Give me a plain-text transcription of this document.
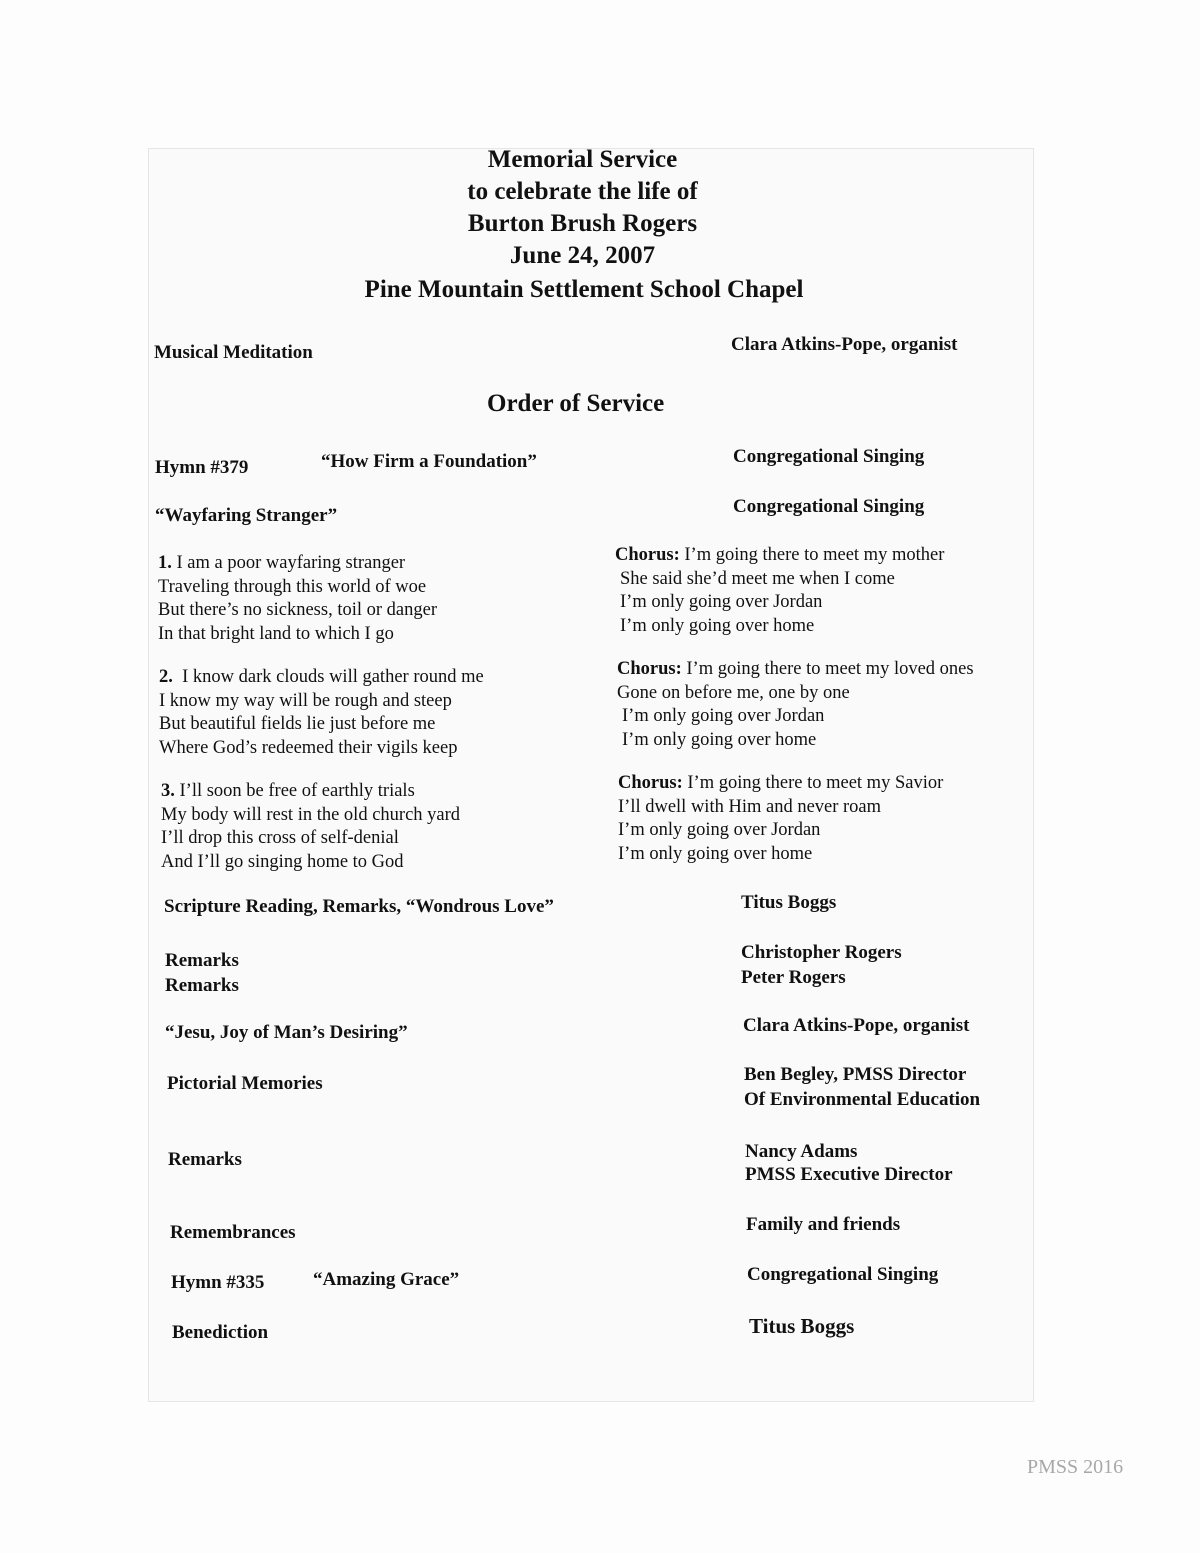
Memorial Service
to celebrate the life of
Burton Brush Rogers
June 24, 2007
Pine Mountain Settlement School Chapel
Musical Meditation	Clara Atkins-Pope, organist
Order of Service
Hymn #379	“How Firm a Foundation”	Congregational Singing
“Wayfaring Stranger”	Congregational Singing
1. I am a poor wayfaring stranger
Traveling through this world of woe
But there’s no sickness, toil or danger
In that bright land to which I go
2. I know dark clouds will gather round me
I know my way will be rough and steep
But beautiful fields lie just before me
Where God’s redeemed their vigils keep
3. I’ll soon be free of earthly trials
My body will rest in the old church yard
I’ll drop this cross of self-denial
And I’ll go singing home to God
Chorus: I’m going there to meet my mother
She said she’d meet me when I come
I’m only going over Jordan
I’m only going over home
Chorus: I’m going there to meet my loved ones
Gone on before me, one by one
I’m only going over Jordan
I’m only going over home
Chorus: I’m going there to meet my Savior
I’ll dwell with Him and never roam
I’m only going over Jordan
I’m only going over home
Scripture Reading, Remarks, “Wondrous Love”	Titus Boggs
Remarks	Christopher Rogers
Remarks	Peter Rogers
“Jesu, Joy of Man’s Desiring”	Clara Atkins-Pope, organist
Pictorial Memories	Ben Begley, PMSS Director
Of Environmental Education
Remarks	Nancy Adams
PMSS Executive Director
Remembrances	Family and friends
Hymn #335	“Amazing Grace”	Congregational Singing
Benediction	Titus Boggs
PMSS 2016
